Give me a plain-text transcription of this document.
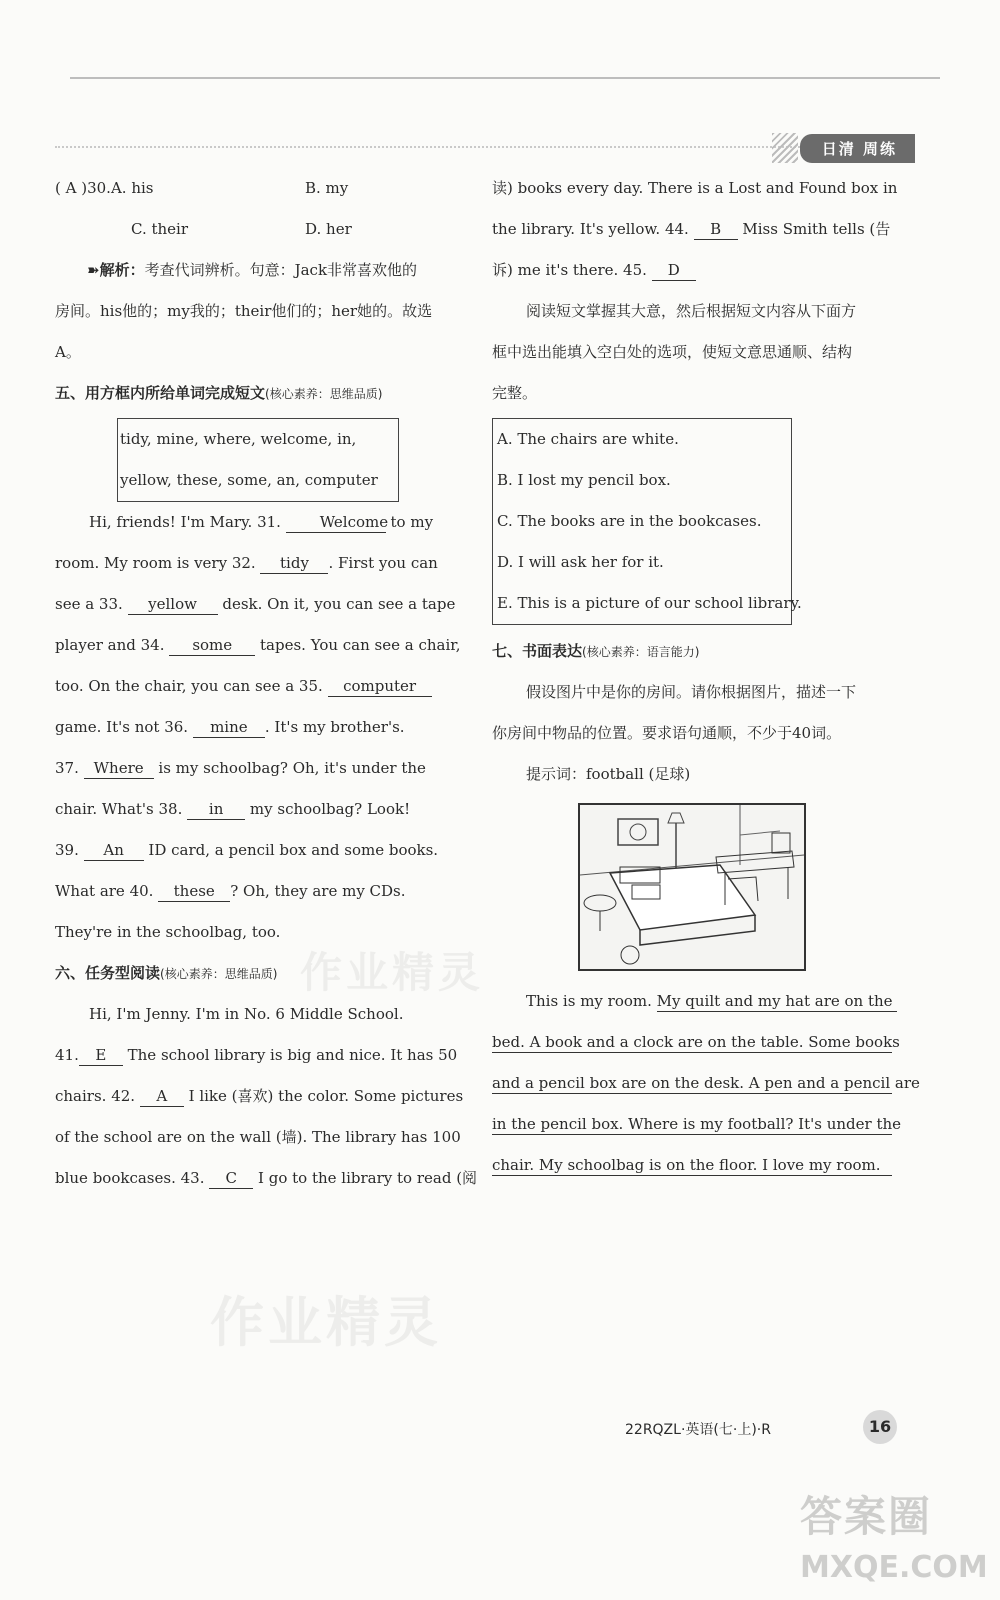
日清 周练
作业精灵
作业精灵
( A )30.A. his	B. my
C. their	D. her
➽解析：考查代词辨析。句意：Jack非常喜欢他的
房间。his他的；my我的；their他们的；her她的。故选
A。
五、用方框内所给单词完成短文(核心素养：思维品质)
tidy, mine, where, welcome, in,
yellow, these, some, an, computer
Hi, friends! I'm Mary. 31.	Welcome to my
room. My room is very 32. tidy . First you can
see a 33. yellow desk. On it, you can see a tape
player and 34. some tapes. You can see a chair,
too. On the chair, you can see a 35. computer
game. It's not 36. mine . It's my brother's.
37. Where is my schoolbag? Oh, it's under the
chair. What's 38. in my schoolbag? Look!
39. An ID card, a pencil box and some books.
What are 40. these ? Oh, they are my CDs.
They're in the schoolbag, too.
六、任务型阅读(核心素养：思维品质)
Hi, I'm Jenny. I'm in No. 6 Middle School.
41. E The school library is big and nice. It has 50
chairs. 42. A I like (喜欢) the color. Some pictures
of the school are on the wall (墙). The library has 100
blue bookcases. 43. C I go to the library to read (阅
读) books every day. There is a Lost and Found box in
the library. It's yellow. 44. B Miss Smith tells (告
诉) me it's there. 45. D
阅读短文掌握其大意，然后根据短文内容从下面方
框中选出能填入空白处的选项，使短文意思通顺、结构
完整。
A. The chairs are white.
B. I lost my pencil box.
C. The books are in the bookcases.
D. I will ask her for it.
E. This is a picture of our school library.
七、书面表达(核心素养：语言能力)
假设图片中是你的房间。请你根据图片，描述一下
你房间中物品的位置。要求语句通顺，不少于40词。
提示词：football (足球)
This is my room. My quilt and my hat are on the
bed. A book and a clock are on the table. Some books
and a pencil box are on the desk. A pen and a pencil are
in the pencil box. Where is my football? It's under the
chair. My schoolbag is on the floor. I love my room.
22RQZL·英语(七·上)·R	16
答案圈
MXQE.COM
